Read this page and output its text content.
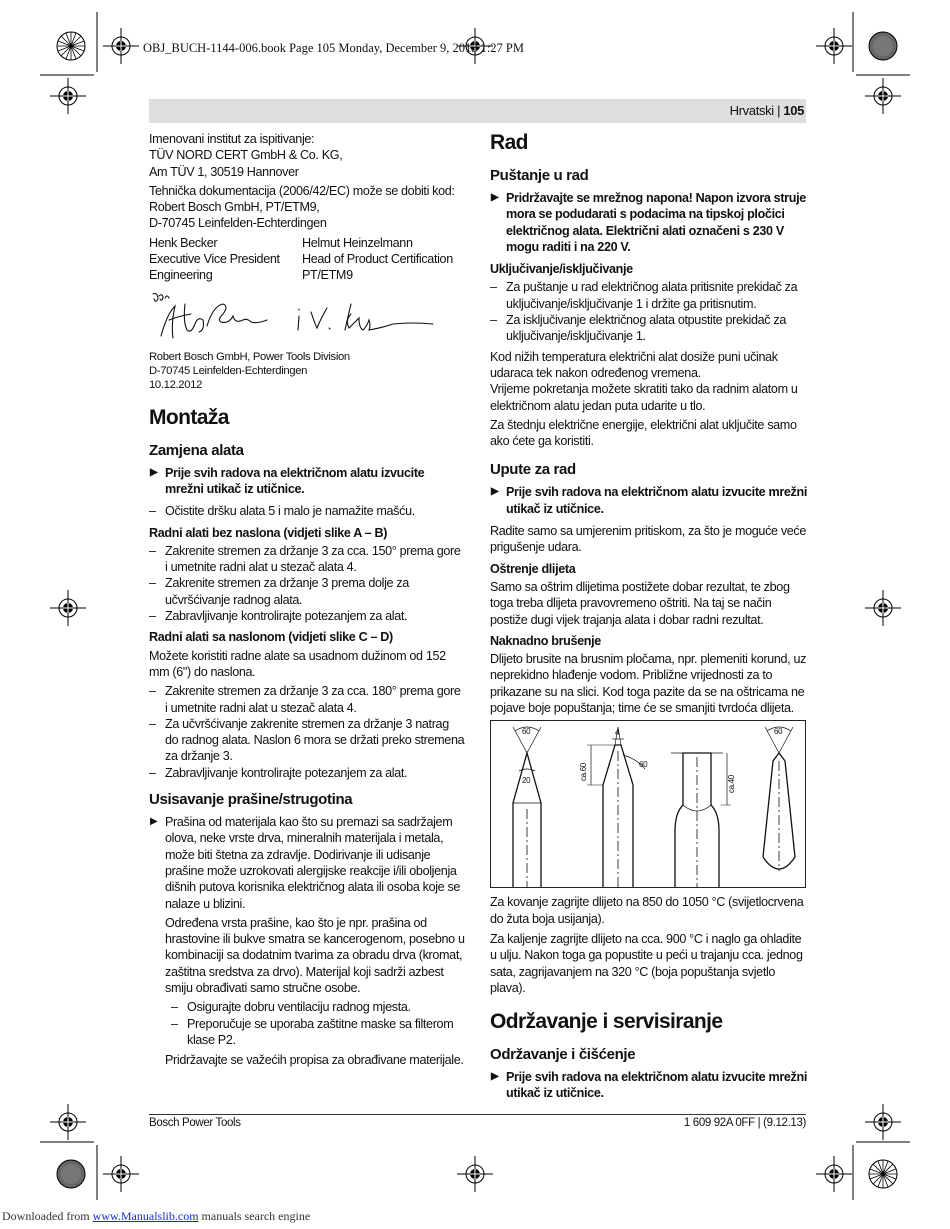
OBJ_BUCH-1144-006.book Page 105 Monday, December 9, 2013 1:27 PM
Hrvatski | 105

Imenovani institut za ispitivanje:
TÜV NORD CERT GmbH & Co. KG,
Am TÜV 1, 30519 Hannover

Tehnička dokumentacija (2006/42/EC) može se dobiti kod:
Robert Bosch GmbH, PT/ETM9,
D-70745 Leinfelden-Echterdingen

Henk Becker
Executive Vice President
Engineering
Helmut Heinzelmann
Head of Product Certification
PT/ETM9

Robert Bosch GmbH, Power Tools Division
D-70745 Leinfelden-Echterdingen
10.12.2012

Montaža
Zamjena alata
▶ Prije svih radova na električnom alatu izvucite mrežni utikač iz utičnice.
– Očistite dršku alata 5 i malo je namažite mašću.
Radni alati bez naslona (vidjeti slike A – B)
– Zakrenite stremen za držanje 3 za cca. 150° prema gore i umetnite radni alat u stezač alata 4.
– Zakrenite stremen za držanje 3 prema dolje za učvršćivanje radnog alata.
– Zabravljivanje kontrolirajte potezanjem za alat.
Radni alati sa naslonom (vidjeti slike C – D)

Možete koristiti radne alate sa usadnom dužinom od 152 mm (6") do naslona.

– Zakrenite stremen za držanje 3 za cca. 180° prema gore i umetnite radni alat u stezač alata 4.
– Za učvršćivanje zakrenite stremen za držanje 3 natrag do radnog alata. Naslon 6 mora se držati preko stremena za držanje 3.
– Zabravljivanje kontrolirajte potezanjem za alat.
Usisavanje prašine/strugotina

▶ Prašina od materijala kao što su premazi sa sadržajem olova, neke vrste drva, mineralnih materijala i metala, može biti štetna za zdravlje. Dodirivanje ili udisanje prašine može uzrokovati alergijske reakcije i/ili oboljenja dišnih putova korisnika električnog alata ili osoba koje se nalaze u blizini.

Određena vrsta prašine, kao što je npr. prašina od hrastovine ili bukve smatra se kancerogenom, posebno u kombinaciji sa dodatnim tvarima za obradu drva (kromat, zaštitna sredstva za drvo). Materijal koji sadrži azbest smiju obrađivati samo stručne osobe.

– Osigurajte dobru ventilaciju radnog mjesta.
– Preporučuje se uporaba zaštitne maske sa filterom klase P2.

Pridržavajte se važećih propisa za obrađivane materijale.

Rad
Puštanje u rad
▶ Pridržavajte se mrežnog napona! Napon izvora struje mora se podudarati s podacima na tipskoj pločici električnog alata. Električni alati označeni s 230 V mogu raditi i na 220 V.
Uključivanje/isključivanje
– Za puštanje u rad električnog alata pritisnite prekidač za uključivanje/isključivanje 1 i držite ga pritisnutim.
– Za isključivanje električnog alata otpustite prekidač za uključivanje/isključivanje 1.

Kod nižih temperatura električni alat dosiže puni učinak udaraca tek nakon određenog vremena.

Vrijeme pokretanja možete skratiti tako da radnim alatom u električnom alatu jedan puta udarite u tlo.

Za štednju električne energije, električni alat uključite samo ako ćete ga koristiti.

Upute za rad
▶ Prije svih radova na električnom alatu izvucite mrežni utikač iz utičnice.

Radite samo sa umjerenim pritiskom, za što je moguće veće prigušenje udara.

Oštrenje dlijeta

Samo sa oštrim dlijetima postižete dobar rezultat, te zbog toga treba dlijeta pravovremeno oštriti. Na taj se način postiže dugi vijek trajanja alata i dobar radni rezultat.

Naknadno brušenje

Dlijeto brusite na brusnim pločama, npr. plemeniti korund, uz neprekidno hlađenje vodom. Približne vrijednosti za to prikazane su na slici. Kod toga pazite da se na oštricama ne pojave boje popuštanja; time će se smanjiti tvrdoća dlijeta.

60
20	ca.60
4
60
ca.40
60

Za kovanje zagrijte dlijeto na 850 do 1050 °C (svijetlocrvena do žuta boja usijanja).

Za kaljenje zagrijte dlijeto na cca. 900 °C i naglo ga ohladite u ulju. Nakon toga ga popustite u peći u trajanju cca. jednog sata, zagrijavanjem na 320 °C (boja popuštanja svjetlo plava).

Održavanje i servisiranje
Održavanje i čišćenje
▶ Prije svih radova na električnom alatu izvucite mrežni utikač iz utičnice.
Bosch Power Tools	1 609 92A 0FF | (9.12.13)
Downloaded from www.Manualslib.com manuals search engine
